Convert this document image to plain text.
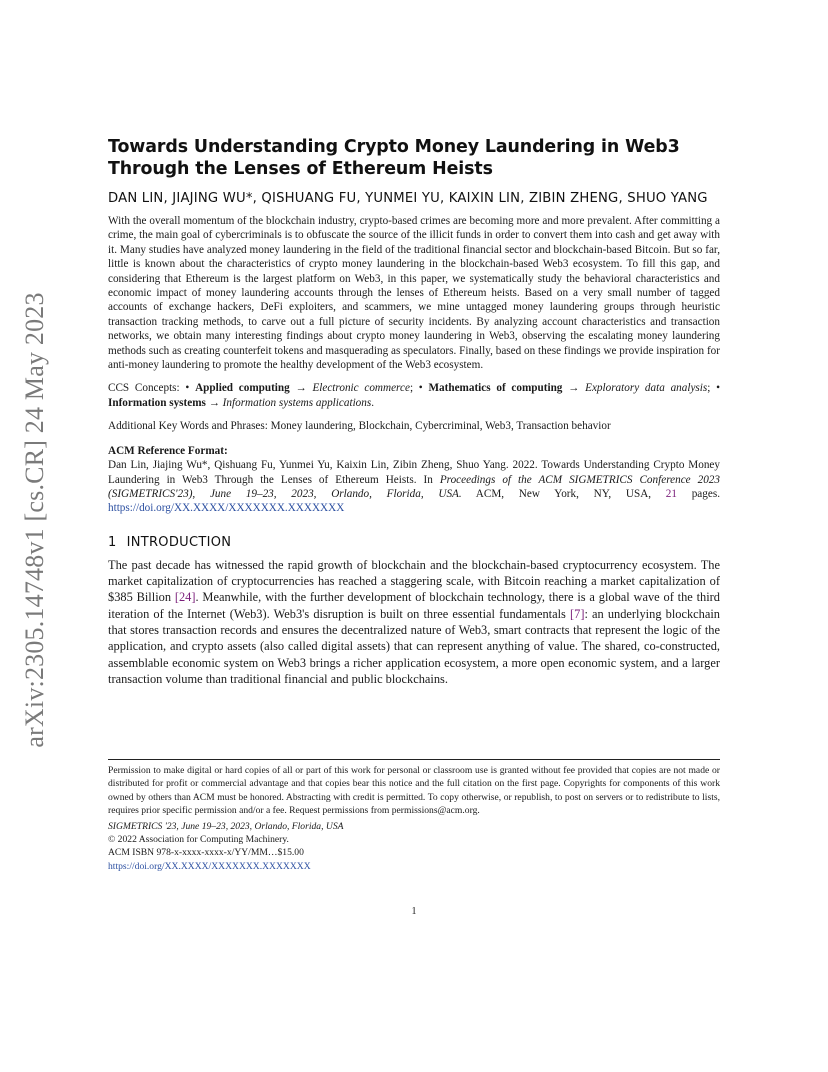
arXiv:2305.14748v1 [cs.CR] 24 May 2023
Towards Understanding Crypto Money Laundering in Web3 Through the Lenses of Ethereum Heists
DAN LIN, JIAJING WU*, QISHUANG FU, YUNMEI YU, KAIXIN LIN, ZIBIN ZHENG, SHUO YANG

With the overall momentum of the blockchain industry, crypto-based crimes are becoming more and more prevalent. After committing a crime, the main goal of cybercriminals is to obfuscate the source of the illicit funds in order to convert them into cash and get away with it. Many studies have analyzed money laundering in the field of the traditional financial sector and blockchain-based Bitcoin. But so far, little is known about the characteristics of crypto money laundering in the blockchain-based Web3 ecosystem. To fill this gap, and considering that Ethereum is the largest platform on Web3, in this paper, we systematically study the behavioral characteristics and economic impact of money laundering accounts through the lenses of Ethereum heists. Based on a very small number of tagged accounts of exchange hackers, DeFi exploiters, and scammers, we mine untagged money laundering groups through heuristic transaction tracking methods, to carve out a full picture of security incidents. By analyzing account characteristics and transaction networks, we obtain many interesting findings about crypto money laundering in Web3, observing the escalating money laundering methods such as creating counterfeit tokens and masquerading as speculators. Finally, based on these findings we provide inspiration for anti-money laundering to promote the healthy development of the Web3 ecosystem.

CCS Concepts: • Applied computing → Electronic commerce; • Mathematics of computing → Exploratory data analysis; • Information systems → Information systems applications.

Additional Key Words and Phrases: Money laundering, Blockchain, Cybercriminal, Web3, Transaction behavior

ACM Reference Format:

Dan Lin, Jiajing Wu*, Qishuang Fu, Yunmei Yu, Kaixin Lin, Zibin Zheng, Shuo Yang. 2022. Towards Understanding Crypto Money Laundering in Web3 Through the Lenses of Ethereum Heists. In Proceedings of the ACM SIGMETRICS Conference 2023 (SIGMETRICS'23), June 19–23, 2023, Orlando, Florida, USA. ACM, New York, NY, USA, 21 pages. https://doi.org/XX.XXXX/XXXXXXX.XXXXXXX

1 INTRODUCTION

The past decade has witnessed the rapid growth of blockchain and the blockchain-based cryptocurrency ecosystem. The market capitalization of cryptocurrencies has reached a staggering scale, with Bitcoin reaching a market capitalization of $385 Billion [24]. Meanwhile, with the further development of blockchain technology, there is a global wave of the third iteration of the Internet (Web3). Web3's disruption is built on three essential fundamentals [7]: an underlying blockchain that stores transaction records and ensures the decentralized nature of Web3, smart contracts that represent the logic of the application, and crypto assets (also called digital assets) that can represent anything of value. The shared, co-constructed, assemblable economic system on Web3 brings a richer application ecosystem, a more open economic system, and a larger transaction volume than traditional financial and public blockchains.

Permission to make digital or hard copies of all or part of this work for personal or classroom use is granted without fee provided that copies are not made or distributed for profit or commercial advantage and that copies bear this notice and the full citation on the first page. Copyrights for components of this work owned by others than ACM must be honored. Abstracting with credit is permitted. To copy otherwise, or republish, to post on servers or to redistribute to lists, requires prior specific permission and/or a fee. Request permissions from permissions@acm.org.

SIGMETRICS '23, June 19–23, 2023, Orlando, Florida, USA

© 2022 Association for Computing Machinery.

ACM ISBN 978-x-xxxx-xxxx-x/YY/MM…$15.00

https://doi.org/XX.XXXX/XXXXXXX.XXXXXXX

1
